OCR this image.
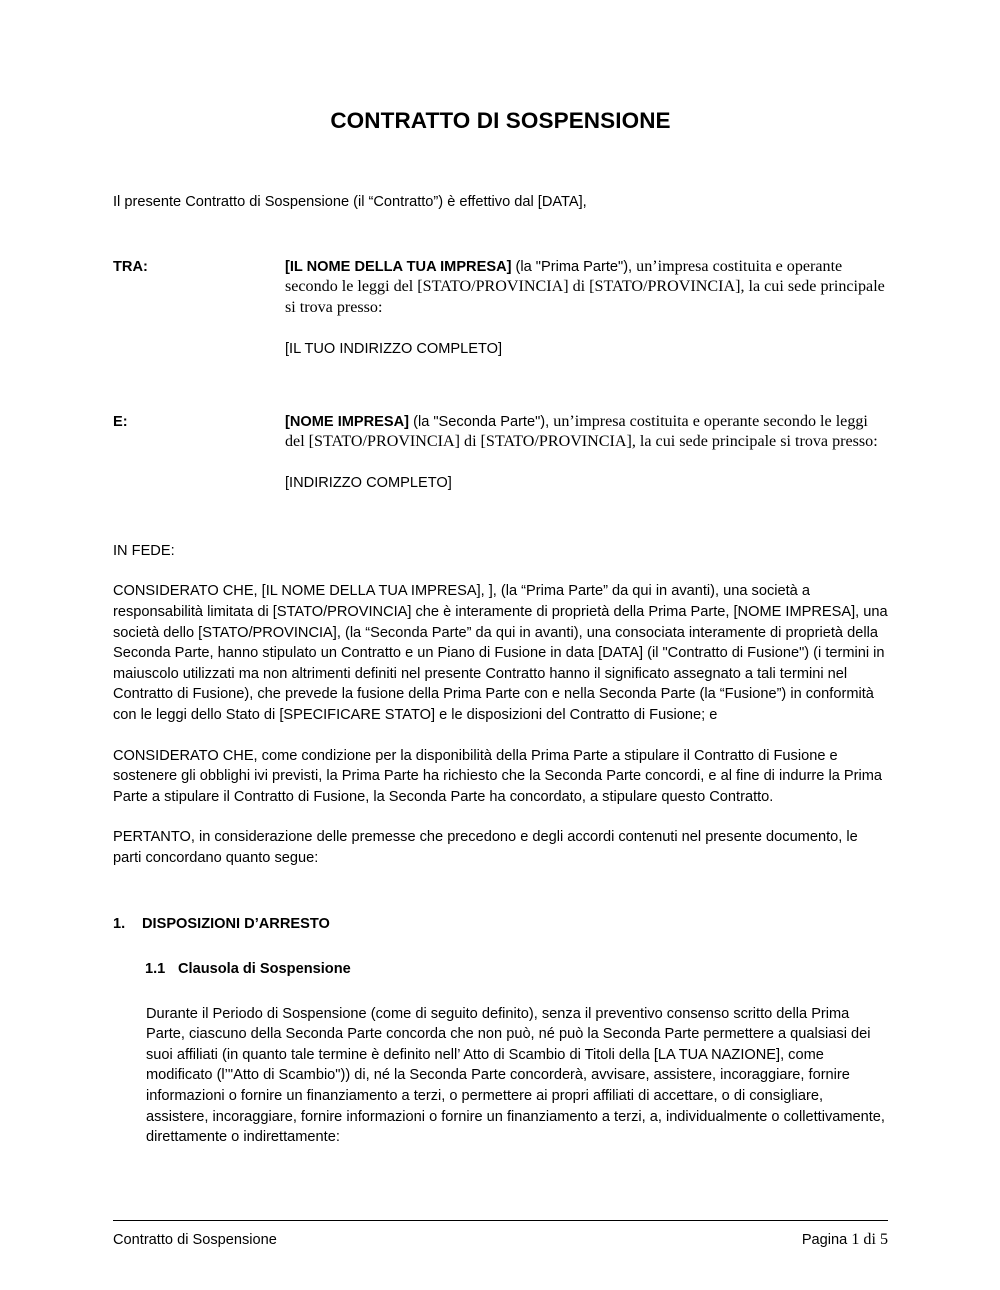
CONTRATTO DI SOSPENSIONE

Il presente Contratto di Sospensione (il “Contratto”) è effettivo dal [DATA],

TRA:	[IL NOME DELLA TUA IMPRESA] (la "Prima Parte"), un’impresa costituita e operante secondo le leggi del [STATO/PROVINCIA] di [STATO/PROVINCIA], la cui sede principale si trova presso:
[IL TUO INDIRIZZO COMPLETO]
E:	[NOME IMPRESA] (la "Seconda Parte"), un’impresa costituita e operante secondo le leggi del [STATO/PROVINCIA] di [STATO/PROVINCIA], la cui sede principale si trova presso:
[INDIRIZZO COMPLETO]

IN FEDE:

CONSIDERATO CHE, [IL NOME DELLA TUA IMPRESA], ], (la “Prima Parte” da qui in avanti), una società a responsabilità limitata di [STATO/PROVINCIA] che è interamente di proprietà della Prima Parte, [NOME IMPRESA], una società dello [STATO/PROVINCIA], (la “Seconda Parte” da qui in avanti), una consociata interamente di proprietà della Seconda Parte, hanno stipulato un Contratto e un Piano di Fusione in data [DATA] (il "Contratto di Fusione") (i termini in maiuscolo utilizzati ma non altrimenti definiti nel presente Contratto hanno il significato assegnato a tali termini nel Contratto di Fusione), che prevede la fusione della Prima Parte con e nella Seconda Parte (la “Fusione”) in conformità con le leggi dello Stato di [SPECIFICARE STATO] e le disposizioni del Contratto di Fusione; e

CONSIDERATO CHE, come condizione per la disponibilità della Prima Parte a stipulare il Contratto di Fusione e sostenere gli obblighi ivi previsti, la Prima Parte ha richiesto che la Seconda Parte concordi, e al fine di indurre la Prima Parte a stipulare il Contratto di Fusione, la Seconda Parte ha concordato, a stipulare questo Contratto.

PERTANTO, in considerazione delle premesse che precedono e degli accordi contenuti nel presente documento, le parti concordano quanto segue:

1.	DISPOSIZIONI D’ARRESTO
1.1 Clausola di Sospensione

Durante il Periodo di Sospensione (come di seguito definito), senza il preventivo consenso scritto della Prima Parte, ciascuno della Seconda Parte concorda che non può, né può la Seconda Parte permettere a qualsiasi dei suoi affiliati (in quanto tale termine è definito nell’ Atto di Scambio di Titoli della [LA TUA NAZIONE], come modificato (l’"Atto di Scambio")) di, né la Seconda Parte concorderà, avvisare, assistere, incoraggiare, fornire informazioni o fornire un finanziamento a terzi, o permettere ai propri affiliati di accettare, o di consigliare, assistere, incoraggiare, fornire informazioni o fornire un finanziamento a terzi, a, individualmente o collettivamente, direttamente o indirettamente:

Contratto di Sospensione	Pagina 1 di 5
